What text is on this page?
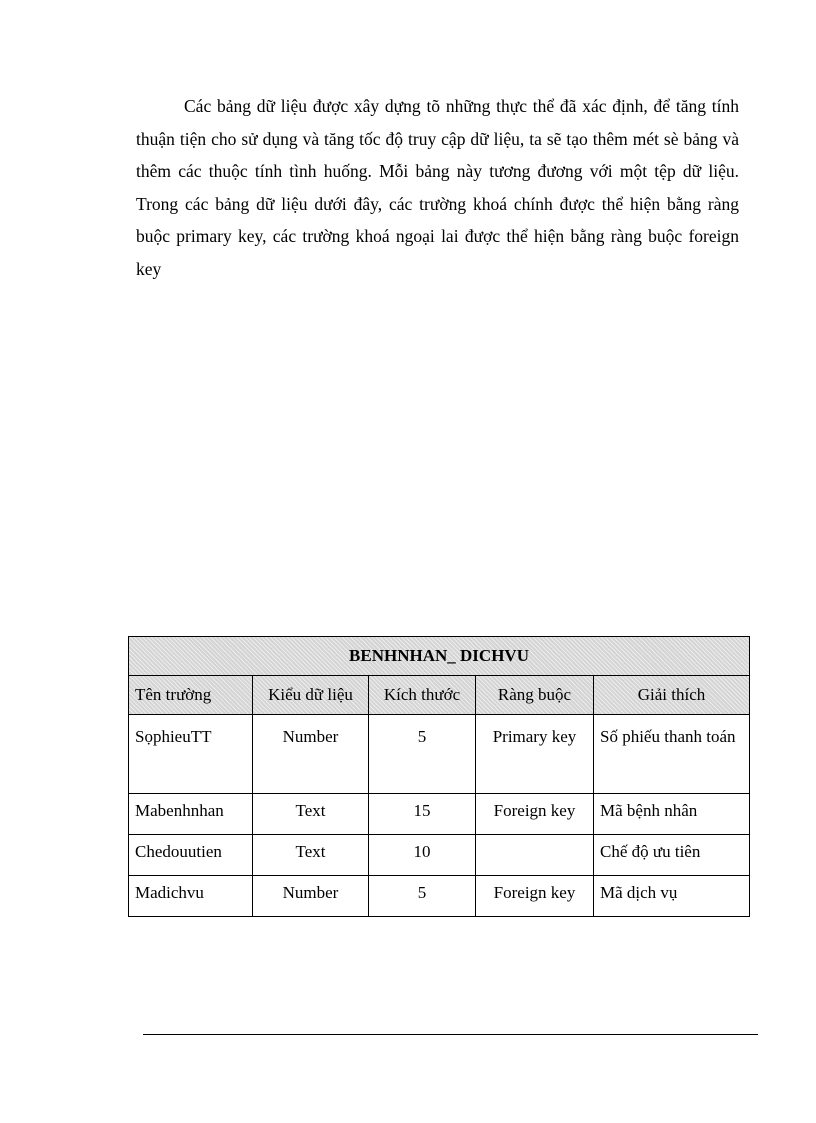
Các bảng dữ liệu được xây dựng tõ những thực thể đã xác định, để tăng tính thuận tiện cho sử dụng và tăng tốc độ truy cập dữ liệu, ta sẽ tạo thêm mét sè bảng và thêm các thuộc tính tình huống. Mỗi bảng này tương đương với một tệp dữ liệu. Trong các bảng dữ liệu dưới đây, các trường khoá chính được thể hiện bằng ràng buộc primary key, các trường khoá ngoại lai được thể hiện bằng ràng buộc foreign key

BENHNHAN_ DICHVU				
Tên trường	Kiểu dữ liệu	Kích thước	Ràng buộc	Giải thích
SọphieuTT	Number	5	Primary key	Số phiếu thanh toán
Mabenhnhan	Text	15	Foreign key	Mã bệnh nhân
Chedouutien	Text	10		Chế độ ưu tiên
Madichvu	Number	5	Foreign key	Mã dịch vụ
